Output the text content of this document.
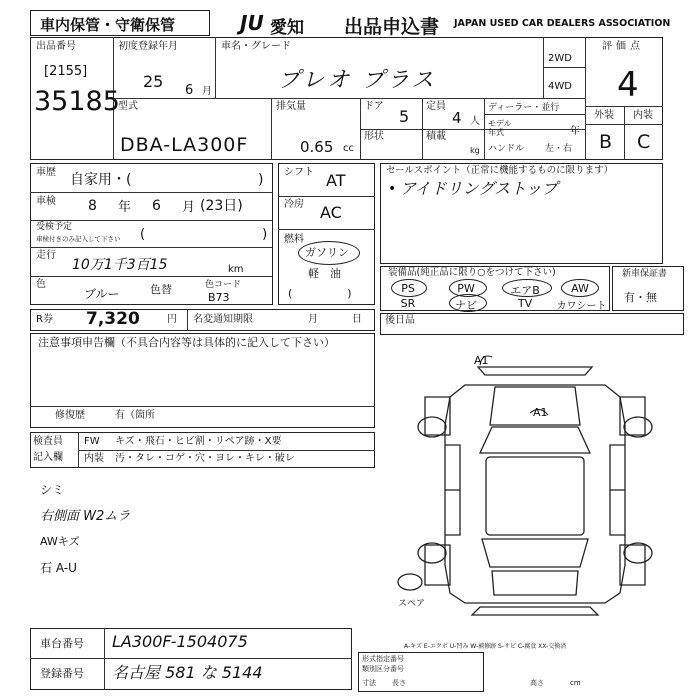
車内保管・守衛保管	JU 愛知 出品申込書 JAPAN USED CAR DEALERS ASSOCIATION
出品番号
[2155]
35185
初度登録年月
25 6 月
車名・グレード
プレオ プラス
2WD
4WD
評価点
4
外装 内装
B C
型式
DBA-LA300F
排気量
0.65 cc
ドア
5
形状
定員
4 人
積載
kg
ディーラー・並行
モデル
年式	年
ハンドル 左・右
車歴 自家用・(	)
車検 8 年 6 月 (23日)
受検予定
車検付きのみ記入して下さい (　　　　　　　　　)
走行
10万1千3百15	km
色
ブルー	色替	色コード
B73
シフト AT
冷房 AC
燃料
ガソリン
軽　油
(　　　　　)
セールスポイント（正常に機能するものに限ります）
• アイドリングストップ
装備品(純正品に限り○をつけて下さい)
PS	PW	エアB	AW
SR	ナビ	TV	カワシート
新車保証書
有・無
R券 7,320	円 名変通知期限	月	日 後日品
注意事項申告欄（不具合内容等は具体的に記入して下さい）
修復歴	有（箇所
検査員
記入欄
FW キズ・飛石・ヒビ割・リペア跡・X要
内装 汚・タレ・コゲ・穴・ヨレ・キレ・破レ
シミ
右側面 W2ムラ
AWキズ
石 A-U
A1
A1
スペア
A-キズ E-エクボ U-凹み W-補修跡 S-サビ C-腐食 XX-交換済
車台番号 LA300F-1504075
登録番号 名古屋 581 な 5144
形式指定番号
類別区分番号
寸法 長さ	高さ	cm
